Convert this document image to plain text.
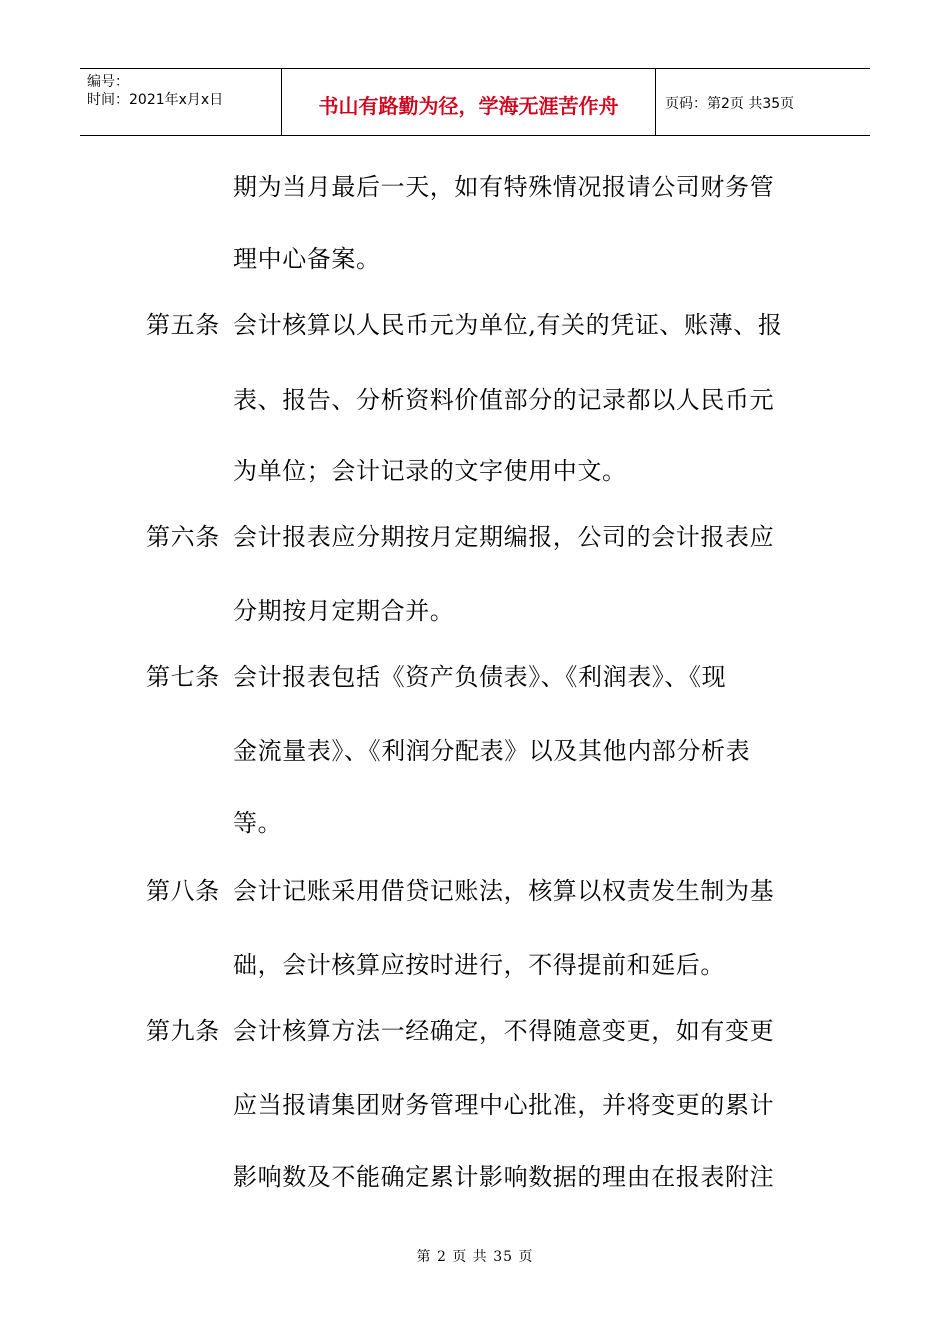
编号：
时间：2021年x月x日	书山有路勤为径，学海无涯苦作舟	页码：第2页 共35页
期为当月最后一天，如有特殊情况报请公司财务管
理中心备案。
第五条 会计核算以人民币元为单位,有关的凭证、账薄、报
表、报告、分析资料价值部分的记录都以人民币元
为单位；会计记录的文字使用中文。
第六条 会计报表应分期按月定期编报，公司的会计报表应
分期按月定期合并。
第七条 会计报表包括《资产负债表》、《利润表》、《现
金流量表》、《利润分配表》以及其他内部分析表
等。
第八条 会计记账采用借贷记账法，核算以权责发生制为基
础，会计核算应按时进行，不得提前和延后。
第九条 会计核算方法一经确定，不得随意变更，如有变更
应当报请集团财务管理中心批准，并将变更的累计
影响数及不能确定累计影响数据的理由在报表附注
第 2 页 共 35 页
